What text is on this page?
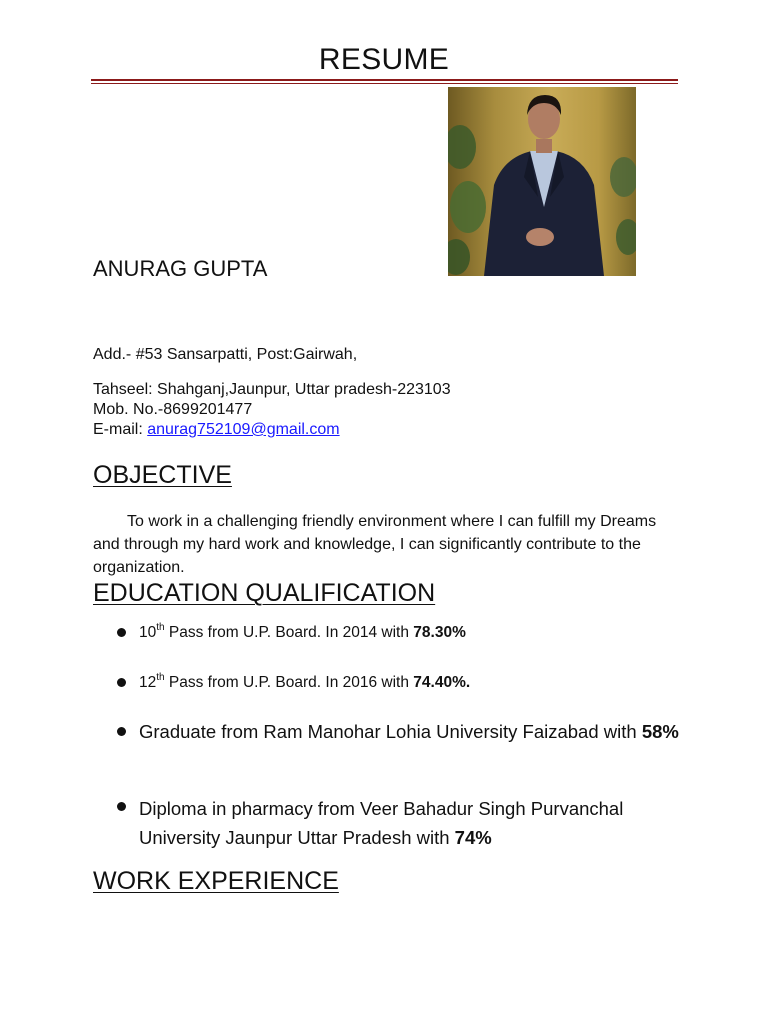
RESUME
ANURAG GUPTA
Add.- #53 Sansarpatti, Post:Gairwah,
Tahseel: Shahganj,Jaunpur, Uttar pradesh-223103
Mob. No.-8699201477
E-mail: anurag752109@gmail.com
OBJECTIVE
To work in a challenging friendly environment where I can fulfill my Dreams and through my hard work and knowledge, I can significantly contribute to the organization.
EDUCATION QUALIFICATION
10th Pass from U.P. Board. In 2014 with 78.30%
12th Pass from U.P. Board. In 2016 with 74.40%.
Graduate from Ram Manohar Lohia University Faizabad with 58%
Diploma in pharmacy from Veer Bahadur Singh Purvanchal University Jaunpur Uttar Pradesh with 74%
WORK EXPERIENCE
